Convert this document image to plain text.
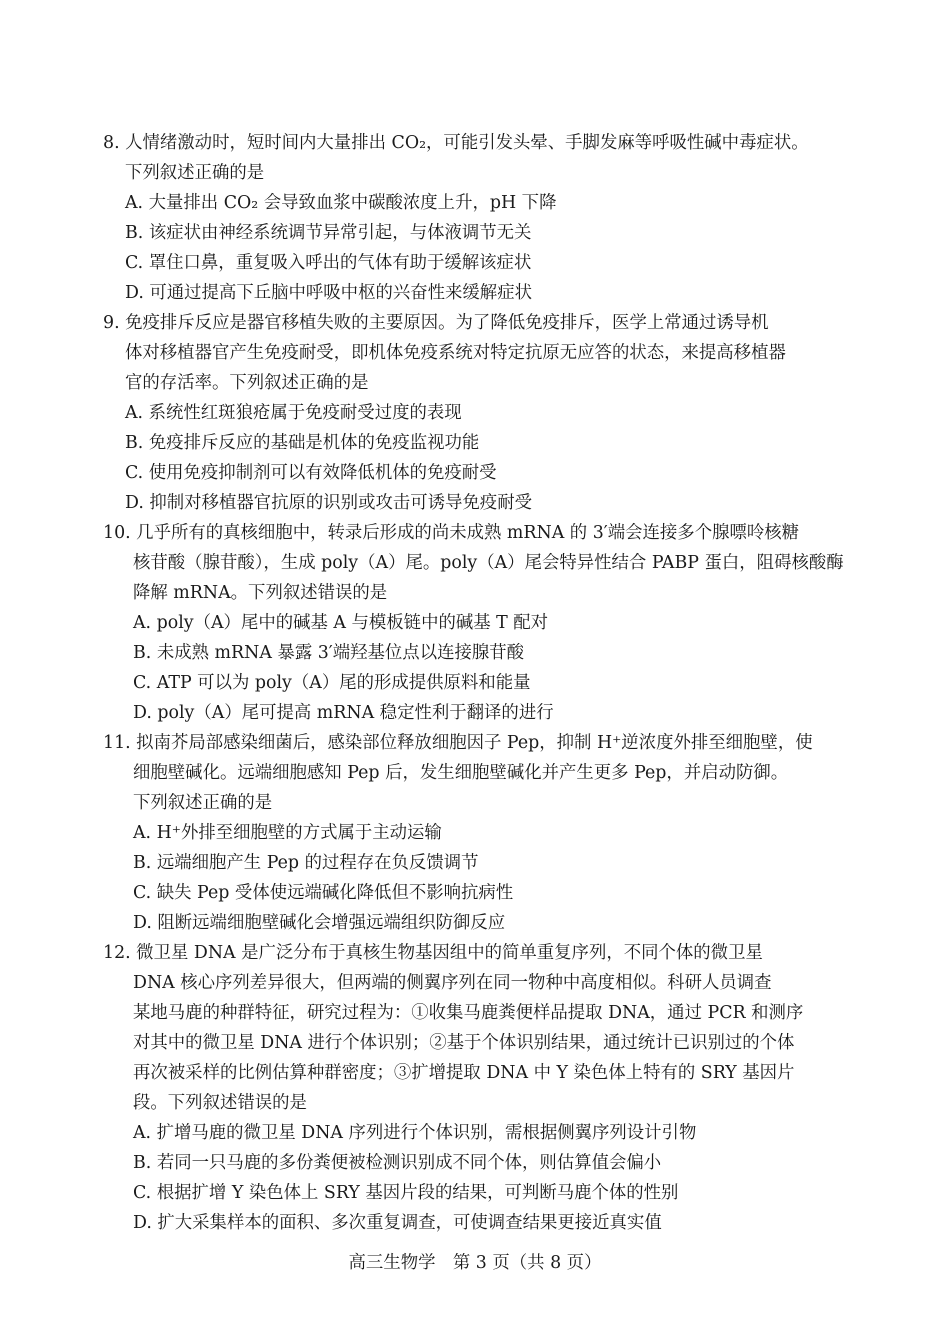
8. 人情绪激动时，短时间内大量排出 CO₂，可能引发头晕、手脚发麻等呼吸性碱中毒症状。
下列叙述正确的是
A. 大量排出 CO₂ 会导致血浆中碳酸浓度上升，pH 下降
B. 该症状由神经系统调节异常引起，与体液调节无关
C. 罩住口鼻，重复吸入呼出的气体有助于缓解该症状
D. 可通过提高下丘脑中呼吸中枢的兴奋性来缓解症状
9. 免疫排斥反应是器官移植失败的主要原因。为了降低免疫排斥，医学上常通过诱导机
体对移植器官产生免疫耐受，即机体免疫系统对特定抗原无应答的状态，来提高移植器
官的存活率。下列叙述正确的是
A. 系统性红斑狼疮属于免疫耐受过度的表现
B. 免疫排斥反应的基础是机体的免疫监视功能
C. 使用免疫抑制剂可以有效降低机体的免疫耐受
D. 抑制对移植器官抗原的识别或攻击可诱导免疫耐受
10. 几乎所有的真核细胞中，转录后形成的尚未成熟 mRNA 的 3′端会连接多个腺嘌呤核糖
核苷酸（腺苷酸），生成 poly（A）尾。poly（A）尾会特异性结合 PABP 蛋白，阻碍核酸酶
降解 mRNA。下列叙述错误的是
A. poly（A）尾中的碱基 A 与模板链中的碱基 T 配对
B. 未成熟 mRNA 暴露 3′端羟基位点以连接腺苷酸
C. ATP 可以为 poly（A）尾的形成提供原料和能量
D. poly（A）尾可提高 mRNA 稳定性利于翻译的进行
11. 拟南芥局部感染细菌后，感染部位释放细胞因子 Pep，抑制 H⁺逆浓度外排至细胞壁，使
细胞壁碱化。远端细胞感知 Pep 后，发生细胞壁碱化并产生更多 Pep，并启动防御。
下列叙述正确的是
A. H⁺外排至细胞壁的方式属于主动运输
B. 远端细胞产生 Pep 的过程存在负反馈调节
C. 缺失 Pep 受体使远端碱化降低但不影响抗病性
D. 阻断远端细胞壁碱化会增强远端组织防御反应
12. 微卫星 DNA 是广泛分布于真核生物基因组中的简单重复序列，不同个体的微卫星
DNA 核心序列差异很大，但两端的侧翼序列在同一物种中高度相似。科研人员调查
某地马鹿的种群特征，研究过程为：①收集马鹿粪便样品提取 DNA，通过 PCR 和测序
对其中的微卫星 DNA 进行个体识别；②基于个体识别结果，通过统计已识别过的个体
再次被采样的比例估算种群密度；③扩增提取 DNA 中 Y 染色体上特有的 SRY 基因片
段。下列叙述错误的是
A. 扩增马鹿的微卫星 DNA 序列进行个体识别，需根据侧翼序列设计引物
B. 若同一只马鹿的多份粪便被检测识别成不同个体，则估算值会偏小
C. 根据扩增 Y 染色体上 SRY 基因片段的结果，可判断马鹿个体的性别
D. 扩大采集样本的面积、多次重复调查，可使调查结果更接近真实值
高三生物学　第 3 页（共 8 页）
